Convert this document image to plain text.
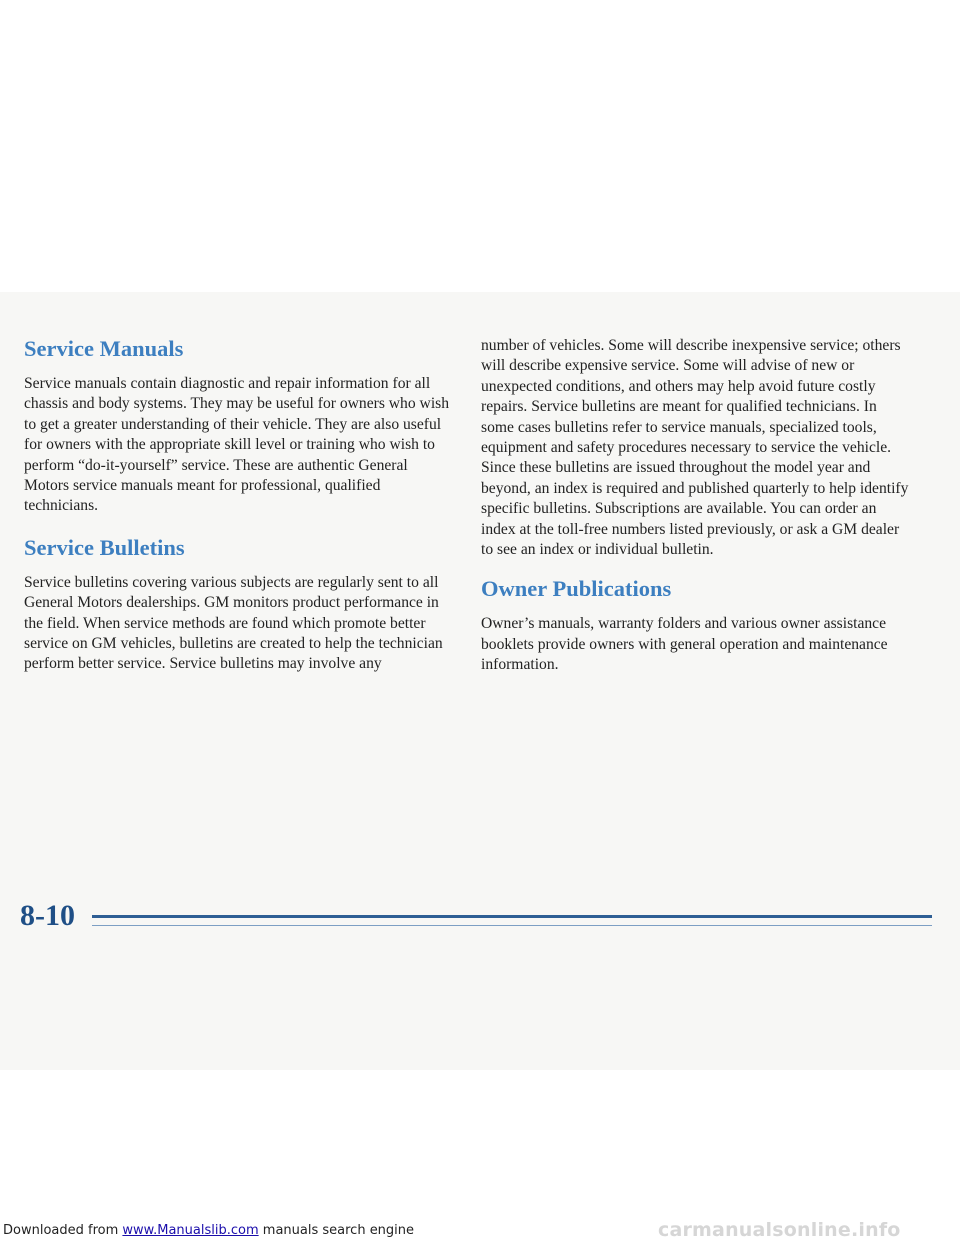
Service Manuals

Service manuals contain diagnostic and repair information for all chassis and body systems. They may be useful for owners who wish to get a greater understanding of their vehicle. They are also useful for owners with the appropriate skill level or training who wish to perform “do-it-yourself” service. These are authentic General Motors service manuals meant for professional, qualified technicians.

Service Bulletins

Service bulletins covering various subjects are regularly sent to all General Motors dealerships. GM monitors product performance in the field. When service methods are found which promote better service on GM vehicles, bulletins are created to help the technician perform better service. Service bulletins may involve any

number of vehicles. Some will describe inexpensive service; others will describe expensive service. Some will advise of new or unexpected conditions, and others may help avoid future costly repairs. Service bulletins are meant for qualified technicians. In some cases bulletins refer to service manuals, specialized tools, equipment and safety procedures necessary to service the vehicle. Since these bulletins are issued throughout the model year and beyond, an index is required and published quarterly to help identify specific bulletins. Subscriptions are available. You can order an index at the toll-free numbers listed previously, or ask a GM dealer to see an index or individual bulletin.

Owner Publications

Owner’s manuals, warranty folders and various owner assistance booklets provide owners with general operation and maintenance information.

8-10
Downloaded from www.Manualslib.com manuals search engine	carmanualsonline.info
